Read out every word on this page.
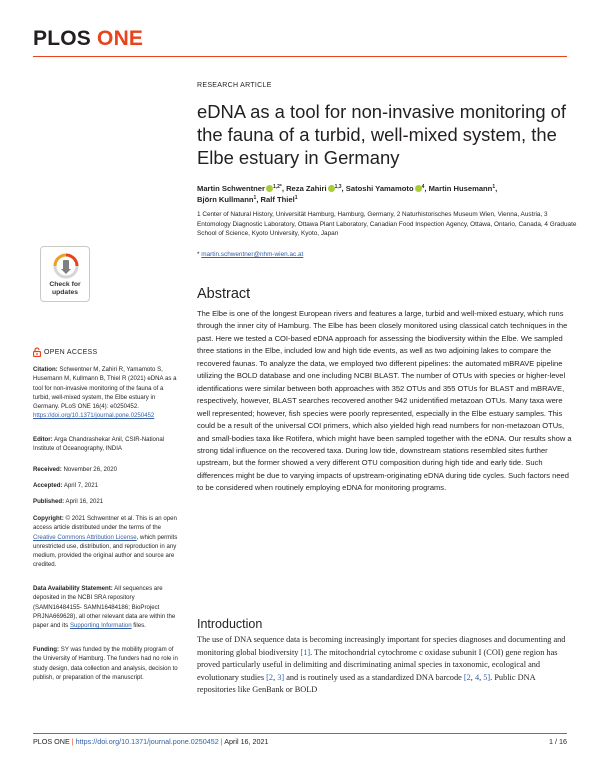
PLOS ONE
Check for updates
RESEARCH ARTICLE
eDNA as a tool for non-invasive monitoring of the fauna of a turbid, well-mixed system, the Elbe estuary in Germany
Martin Schwentner $^{1,2*}$, Reza Zahiri $^{1,3}$, Satoshi Yamamoto $^4$, Martin Husemann$^1$,
Björn Kullmann$^1$, Ralf Thiel$^1$
1 Center of Natural History, Universität Hamburg, Hamburg, Germany, 2 Naturhistorisches Museum Wien, Vienna, Austria, 3 Entomology Diagnostic Laboratory, Ottawa Plant Laboratory, Canadian Food Inspection Agency, Ottawa, Ontario, Canada, 4 Graduate School of Science, Kyoto University, Kyoto, Japan
* martin.schwentner@nhm-wien.ac.at
Abstract

The Elbe is one of the longest European rivers and features a large, turbid and well-mixed estuary, which runs through the inner city of Hamburg. The Elbe has been closely monitored using classical catch techniques in the past. Here we tested a COI-based eDNA approach for assessing the biodiversity within the Elbe. We sampled three stations in the Elbe, included low and high tide events, as well as two adjoining lakes to compare the recovered faunas. To analyze the data, we employed two different pipelines: the automated mBRAVE pipeline utilizing the BOLD database and one including NCBI BLAST. The number of OTUs with species or higher-level identifications were similar between both approaches with 352 OTUs and 355 OTUs for BLAST and mBRAVE, respectively, however, BLAST searches recovered another 942 unidentified metazoan OTUs. Many taxa were well represented; however, fish species were poorly represented, especially in the Elbe estuary samples. This could be a result of the universal COI primers, which also yielded high read numbers for non-metazoan OTUs, and small-bodies taxa like Rotifera, which might have been sampled together with the eDNA. Our results show a strong tidal influence on the recovered taxa. During low tide, downstream stations resembled sites further upstream, but the former showed a very different OTU composition during high tide and early tide. Such differences might be due to varying impacts of upstream-originating eDNA during tide cycles. Such factors need to be considered when routinely employing eDNA for monitoring programs.

OPEN ACCESS
Citation: Schwentner M, Zahiri R, Yamamoto S, Husemann M, Kullmann B, Thiel R (2021) eDNA as a tool for non-invasive monitoring of the fauna of a turbid, well-mixed system, the Elbe estuary in Germany. PLoS ONE 16(4): e0250452. https://doi.org/10.1371/journal.pone.0250452
Editor: Arga Chandrashekar Anil, CSIR-National Institute of Oceanography, INDIA
Received: November 26, 2020
Accepted: April 7, 2021
Published: April 16, 2021
Copyright: © 2021 Schwentner et al. This is an open access article distributed under the terms of the Creative Commons Attribution License, which permits unrestricted use, distribution, and reproduction in any medium, provided the original author and source are credited.
Data Availability Statement: All sequences are deposited in the NCBI SRA repository (SAMN16484155- SAMN16484186; BioProject PRJNA669628), all other relevant data are within the paper and its Supporting Information files.
Funding: SY was funded by the mobility program of the University of Hamburg. The funders had no role in study design, data collection and analysis, decision to publish, or preparation of the manuscript.
Introduction

The use of DNA sequence data is becoming increasingly important for species diagnoses and documenting and monitoring global biodiversity [1]. The mitochondrial cytochrome c oxidase subunit I (COI) gene region has proved particularly useful in delimiting and discriminating animal species in taxonomic, ecological and evolutionary studies [2, 3] and is routinely used as a standardized DNA barcode [2, 4, 5]. Public DNA repositories like GenBank or BOLD

PLOS ONE | https://doi.org/10.1371/journal.pone.0250452 | April 16, 2021	1 / 16
